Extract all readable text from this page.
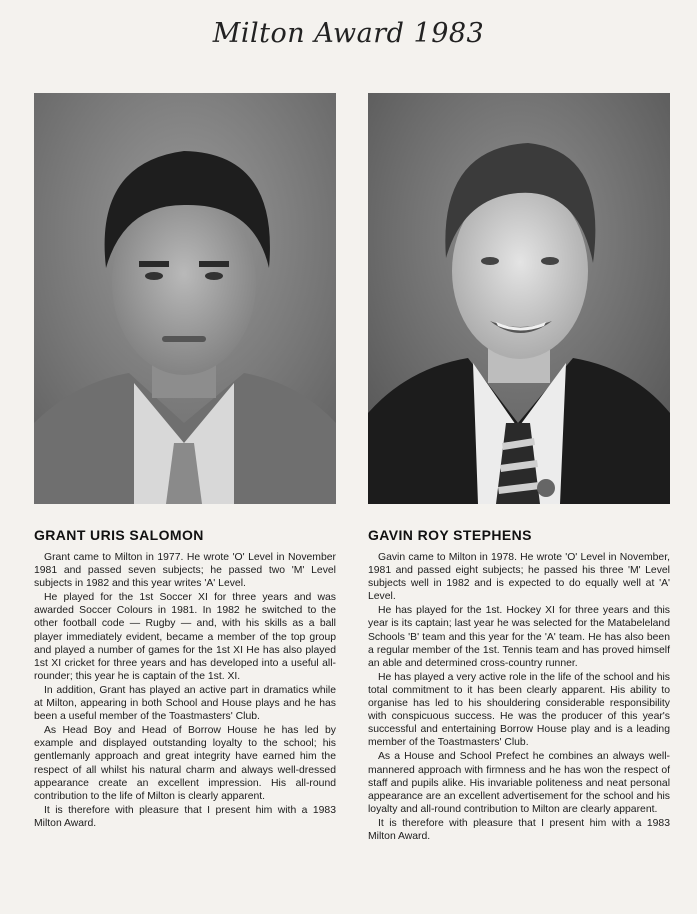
Milton Award 1983
GRANT URIS SALOMON

Grant came to Milton in 1977. He wrote 'O' Level in November 1981 and passed seven subjects; he passed two 'M' Level subjects in 1982 and this year writes 'A' Level.

He played for the 1st Soccer XI for three years and was awarded Soccer Colours in 1981. In 1982 he switched to the other football code — Rugby — and, with his skills as a ball player immediately evident, became a member of the top group and played a number of games for the 1st XI He has also played 1st XI cricket for three years and has developed into a useful all-rounder; this year he is captain of the 1st. XI.

In addition, Grant has played an active part in dramatics while at Milton, appearing in both School and House plays and he has been a useful member of the Toastmasters' Club.

As Head Boy and Head of Borrow House he has led by example and displayed outstanding loyalty to the school; his gentlemanly approach and great integrity have earned him the respect of all whilst his natural charm and always well-dressed appearance create an excellent impression. His all-round contribution to the life of Milton is clearly apparent.

It is therefore with pleasure that I present him with a 1983 Milton Award.

GAVIN ROY STEPHENS

Gavin came to Milton in 1978. He wrote 'O' Level in November, 1981 and passed eight subjects; he passed his three 'M' Level subjects well in 1982 and is expected to do equally well at 'A' Level.

He has played for the 1st. Hockey XI for three years and this year is its captain; last year he was selected for the Matabeleland Schools 'B' team and this year for the 'A' team. He has also been a regular member of the 1st. Tennis team and has proved himself an able and determined cross-country runner.

He has played a very active role in the life of the school and his total commitment to it has been clearly apparent. His ability to organise has led to his shouldering considerable responsibility with conspicuous success. He was the producer of this year's successful and entertaining Borrow House play and is a leading member of the Toastmasters' Club.

As a House and School Prefect he combines an always well-mannered approach with firmness and he has won the respect of staff and pupils alike. His invariable politeness and neat personal appearance are an excellent advertisement for the school and his loyalty and all-round contribution to Milton are clearly apparent.

It is therefore with pleasure that I present him with a 1983 Milton Award.
